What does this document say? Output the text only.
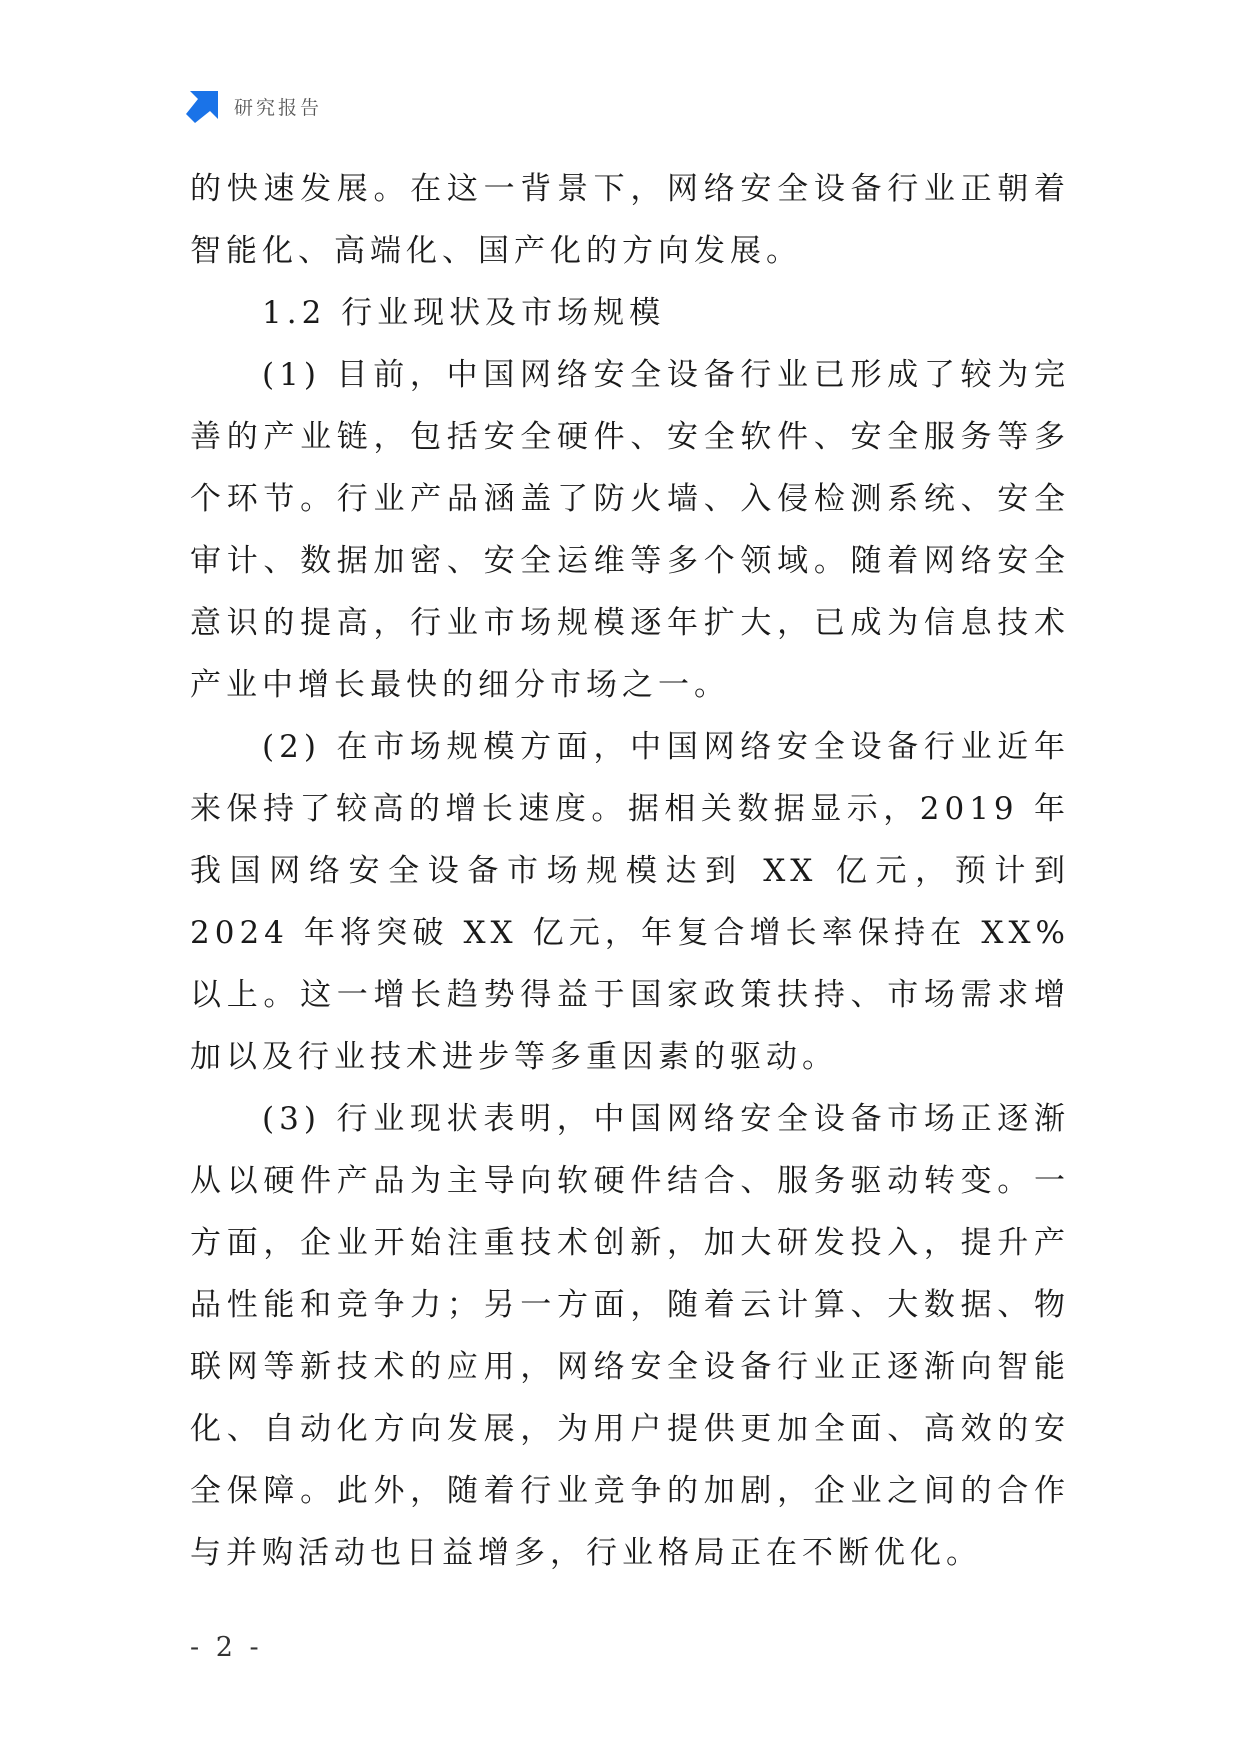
研究报告

的快速发展。在这一背景下，网络安全设备行业正朝着智能化、高端化、国产化的方向发展。

1.2 行业现状及市场规模

(1) 目前，中国网络安全设备行业已形成了较为完善的产业链，包括安全硬件、安全软件、安全服务等多个环节。行业产品涵盖了防火墙、入侵检测系统、安全审计、数据加密、安全运维等多个领域。随着网络安全意识的提高，行业市场规模逐年扩大，已成为信息技术产业中增长最快的细分市场之一。

(2) 在市场规模方面，中国网络安全设备行业近年来保持了较高的增长速度。据相关数据显示，2019 年我国网络安全设备市场规模达到 XX 亿元，预计到 2024 年将突破 XX 亿元，年复合增长率保持在 XX%以上。这一增长趋势得益于国家政策扶持、市场需求增加以及行业技术进步等多重因素的驱动。

(3) 行业现状表明，中国网络安全设备市场正逐渐从以硬件产品为主导向软硬件结合、服务驱动转变。一方面，企业开始注重技术创新，加大研发投入，提升产品性能和竞争力；另一方面，随着云计算、大数据、物联网等新技术的应用，网络安全设备行业正逐渐向智能化、自动化方向发展，为用户提供更加全面、高效的安全保障。此外，随着行业竞争的加剧，企业之间的合作与并购活动也日益增多，行业格局正在不断优化。

- 2 -
